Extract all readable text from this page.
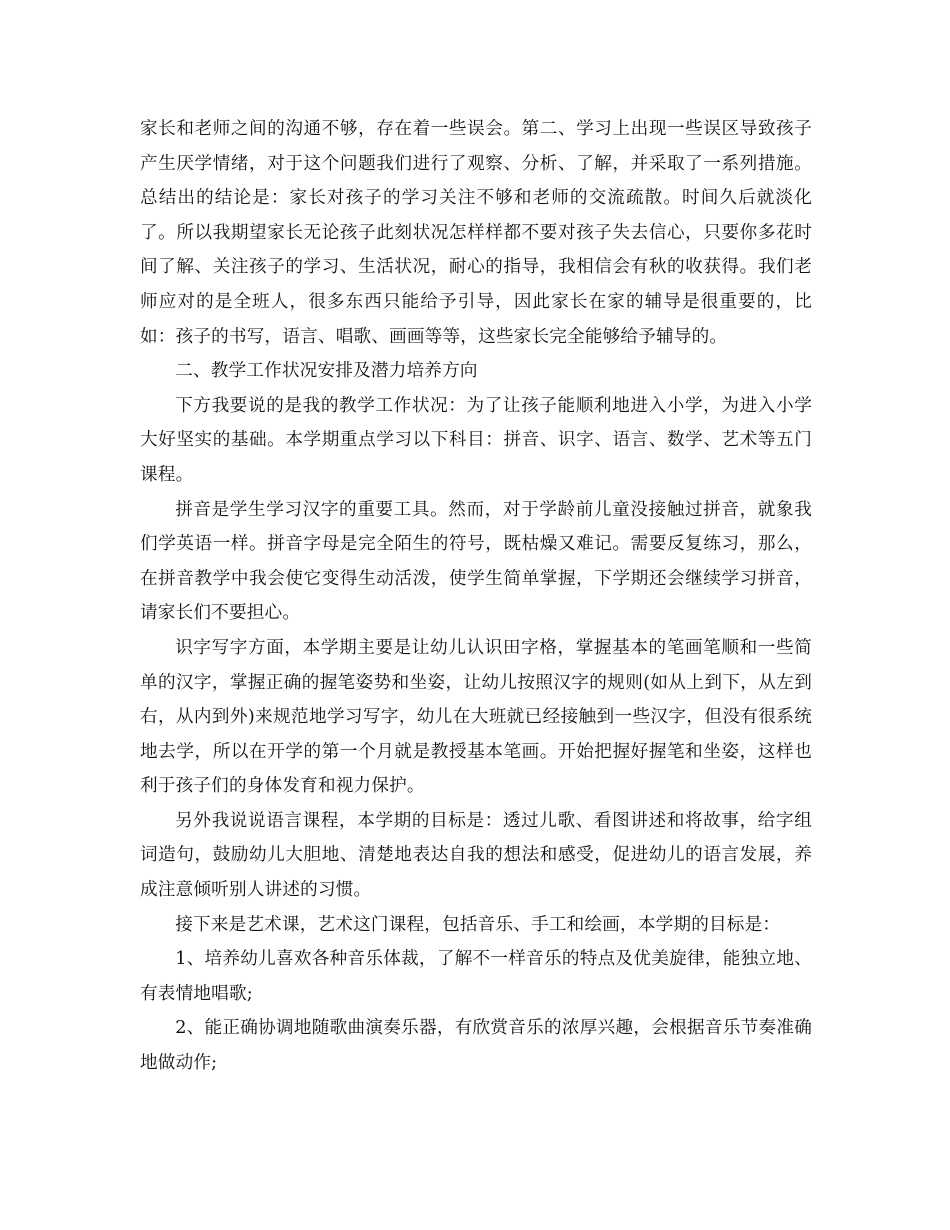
家长和老师之间的沟通不够，存在着一些误会。第二、学习上出现一些误区导致孩子产生厌学情绪，对于这个问题我们进行了观察、分析、了解，并采取了一系列措施。总结出的结论是：家长对孩子的学习关注不够和老师的交流疏散。时间久后就淡化了。所以我期望家长无论孩子此刻状况怎样样都不要对孩子失去信心，只要你多花时间了解、关注孩子的学习、生活状况，耐心的指导，我相信会有秋的收获得。我们老师应对的是全班人，很多东西只能给予引导，因此家长在家的辅导是很重要的，比如：孩子的书写，语言、唱歌、画画等等，这些家长完全能够给予辅导的。

二、教学工作状况安排及潜力培养方向

下方我要说的是我的教学工作状况：为了让孩子能顺利地进入小学，为进入小学大好坚实的基础。本学期重点学习以下科目：拼音、识字、语言、数学、艺术等五门课程。

拼音是学生学习汉字的重要工具。然而，对于学龄前儿童没接触过拼音，就象我们学英语一样。拼音字母是完全陌生的符号，既枯燥又难记。需要反复练习，那么，在拼音教学中我会使它变得生动活泼，使学生简单掌握，下学期还会继续学习拼音，请家长们不要担心。

识字写字方面，本学期主要是让幼儿认识田字格，掌握基本的笔画笔顺和一些简单的汉字，掌握正确的握笔姿势和坐姿，让幼儿按照汉字的规则(如从上到下，从左到右，从内到外)来规范地学习写字，幼儿在大班就已经接触到一些汉字，但没有很系统地去学，所以在开学的第一个月就是教授基本笔画。开始把握好握笔和坐姿，这样也利于孩子们的身体发育和视力保护。

另外我说说语言课程，本学期的目标是：透过儿歌、看图讲述和将故事，给字组词造句，鼓励幼儿大胆地、清楚地表达自我的想法和感受，促进幼儿的语言发展，养成注意倾听别人讲述的习惯。

接下来是艺术课，艺术这门课程，包括音乐、手工和绘画，本学期的目标是：

1、培养幼儿喜欢各种音乐体裁，了解不一样音乐的特点及优美旋律，能独立地、有表情地唱歌;

2、能正确协调地随歌曲演奏乐器，有欣赏音乐的浓厚兴趣，会根据音乐节奏准确地做动作;
